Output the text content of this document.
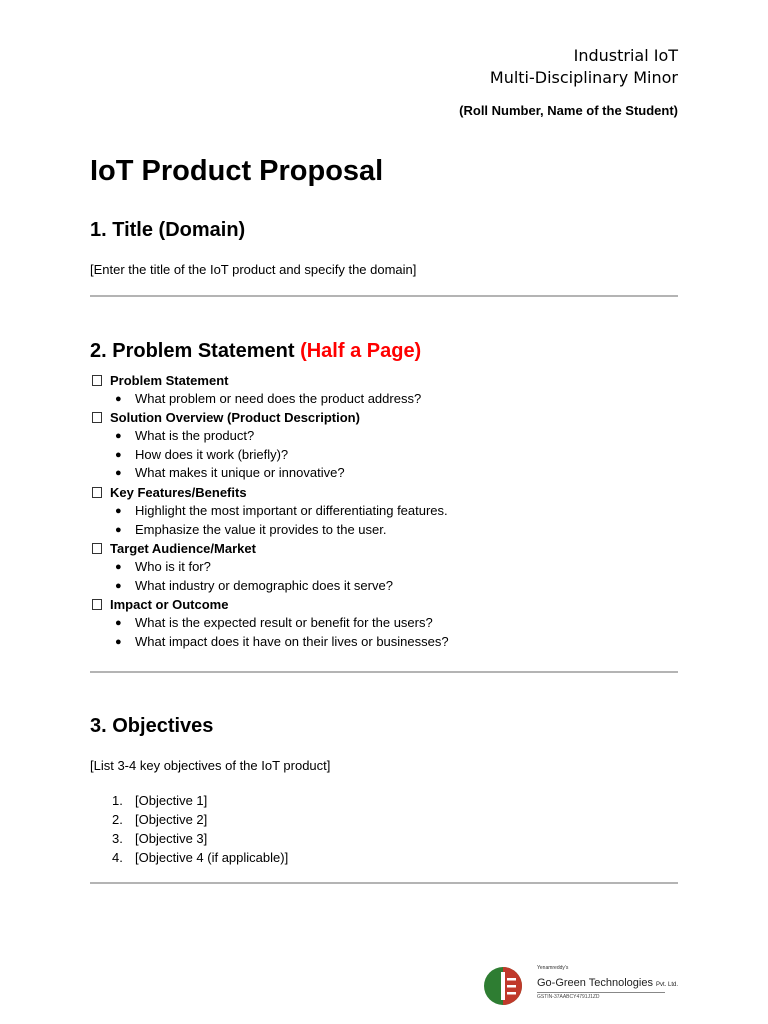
Industrial IoT
Multi-Disciplinary Minor
(Roll Number, Name of the Student)
IoT Product Proposal
1. Title (Domain)

[Enter the title of the IoT product and specify the domain]

2. Problem Statement (Half a Page)
Problem Statement
● What problem or need does the product address?
Solution Overview (Product Description)
● What is the product?
● How does it work (briefly)?
● What makes it unique or innovative?
Key Features/Benefits
● Highlight the most important or differentiating features.
● Emphasize the value it provides to the user.
Target Audience/Market
● Who is it for?
● What industry or demographic does it serve?
Impact or Outcome
● What is the expected result or benefit for the users?
● What impact does it have on their lives or businesses?
3. Objectives

[List 3-4 key objectives of the IoT product]

1. [Objective 1]
2. [Objective 2]
3. [Objective 3]
4. [Objective 4 (if applicable)]
Yenamreddy's
Go-Green Technologies Pvt. Ltd.
GSTIN-37AABCY4791J1ZD
